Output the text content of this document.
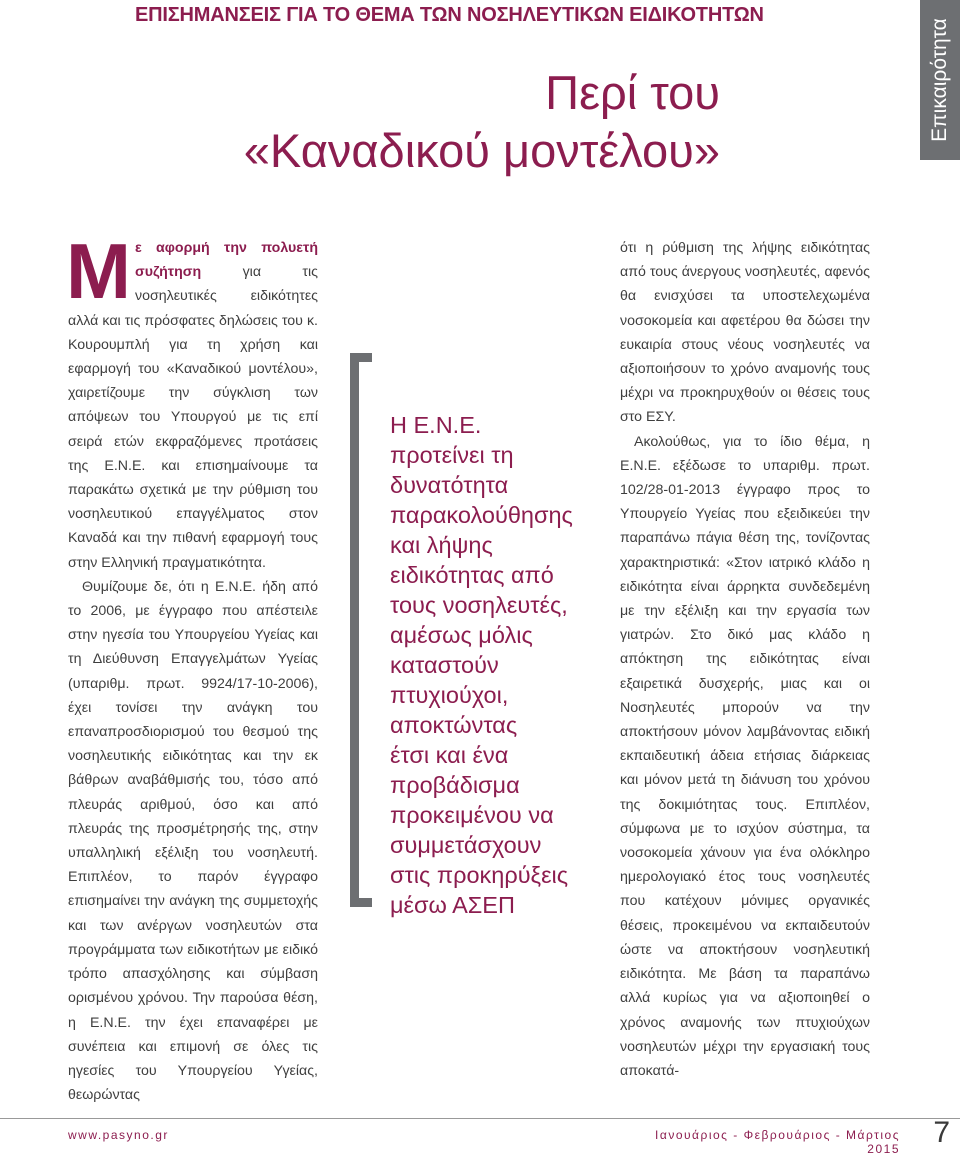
ΕΠΙΣΗΜΑΝΣΕΙΣ ΓΙΑ ΤΟ ΘΕΜΑ ΤΩΝ ΝΟΣΗΛΕΥΤΙΚΩΝ ΕΙΔΙΚΟΤΗΤΩΝ
Επικαιρότητα
Περί του
«Καναδικού μοντέλου»

Με αφορμή την πολυετή συζήτηση για τις νοσηλευτικές ειδικότητες αλλά και τις πρόσφατες δηλώσεις του κ. Κουρουμπλή για τη χρήση και εφαρμογή του «Καναδικού μοντέλου», χαιρετίζουμε την σύγκλιση των απόψεων του Υπουργού με τις επί σειρά ετών εκφραζόμενες προτάσεις της Ε.Ν.Ε. και επισημαίνουμε τα παρακάτω σχετικά με την ρύθμιση του νοσηλευτικού επαγγέλματος στον Καναδά και την πιθανή εφαρμογή τους στην Ελληνική πραγματικότητα.

Θυμίζουμε δε, ότι η Ε.Ν.Ε. ήδη από το 2006, με έγγραφο που απέστειλε στην ηγεσία του Υπουργείου Υγείας και τη Διεύθυνση Επαγγελμάτων Υγείας (υπαριθμ. πρωτ. 9924/17-10-2006), έχει τονίσει την ανάγκη του επαναπροσδιορισμού του θεσμού της νοσηλευτικής ειδικότητας και την εκ βάθρων αναβάθμισής του, τόσο από πλευράς αριθμού, όσο και από πλευράς της προσμέτρησής της, στην υπαλληλική εξέλιξη του νοσηλευτή. Επιπλέον, το παρόν έγγραφο επισημαίνει την ανάγκη της συμμετοχής και των ανέργων νοσηλευτών στα προγράμματα των ειδικοτήτων με ειδικό τρόπο απασχόλησης και σύμβαση ορισμένου χρόνου. Την παρούσα θέση, η Ε.Ν.Ε. την έχει επαναφέρει με συνέπεια και επιμονή σε όλες τις ηγεσίες του Υπουργείου Υγείας, θεωρώντας

Η Ε.Ν.Ε.
προτείνει τη
δυνατότητα
παρακολούθησης
και λήψης
ειδικότητας από
τους νοσηλευτές,
αμέσως μόλις
καταστούν
πτυχιούχοι,
αποκτώντας
έτσι και ένα
προβάδισμα
προκειμένου να
συμμετάσχουν
στις προκηρύξεις
μέσω ΑΣΕΠ

ότι η ρύθμιση της λήψης ειδικότητας από τους άνεργους νοσηλευτές, αφενός θα ενισχύσει τα υποστελεχωμένα νοσοκομεία και αφετέρου θα δώσει την ευκαιρία στους νέους νοσηλευτές να αξιοποιήσουν το χρόνο αναμονής τους μέχρι να προκηρυχθούν οι θέσεις τους στο ΕΣΥ.

Ακολούθως, για το ίδιο θέμα, η Ε.Ν.Ε. εξέδωσε το υπαριθμ. πρωτ. 102/28-01-2013 έγγραφο προς το Υπουργείο Υγείας που εξειδικεύει την παραπάνω πάγια θέση της, τονίζοντας χαρακτηριστικά: «Στον ιατρικό κλάδο η ειδικότητα είναι άρρηκτα συνδεδεμένη με την εξέλιξη και την εργασία των γιατρών. Στο δικό μας κλάδο η απόκτηση της ειδικότητας είναι εξαιρετικά δυσχερής, μιας και οι Νοσηλευτές μπορούν να την αποκτήσουν μόνον λαμβάνοντας ειδική εκπαιδευτική άδεια ετήσιας διάρκειας και μόνον μετά τη διάνυση του χρόνου της δοκιμιότητας τους. Επιπλέον, σύμφωνα με το ισχύον σύστημα, τα νοσοκομεία χάνουν για ένα ολόκληρο ημερολογιακό έτος τους νοσηλευτές που κατέχουν μόνιμες οργανικές θέσεις, προκειμένου να εκπαιδευτούν ώστε να αποκτήσουν νοσηλευτική ειδικότητα. Με βάση τα παραπάνω αλλά κυρίως για να αξιοποιηθεί ο χρόνος αναμονής των πτυχιούχων νοσηλευτών μέχρι την εργασιακή τους αποκατά-

www.pasyno.gr	Ιανουάριος - Φεβρουάριος - Μάρτιος 2015	7
